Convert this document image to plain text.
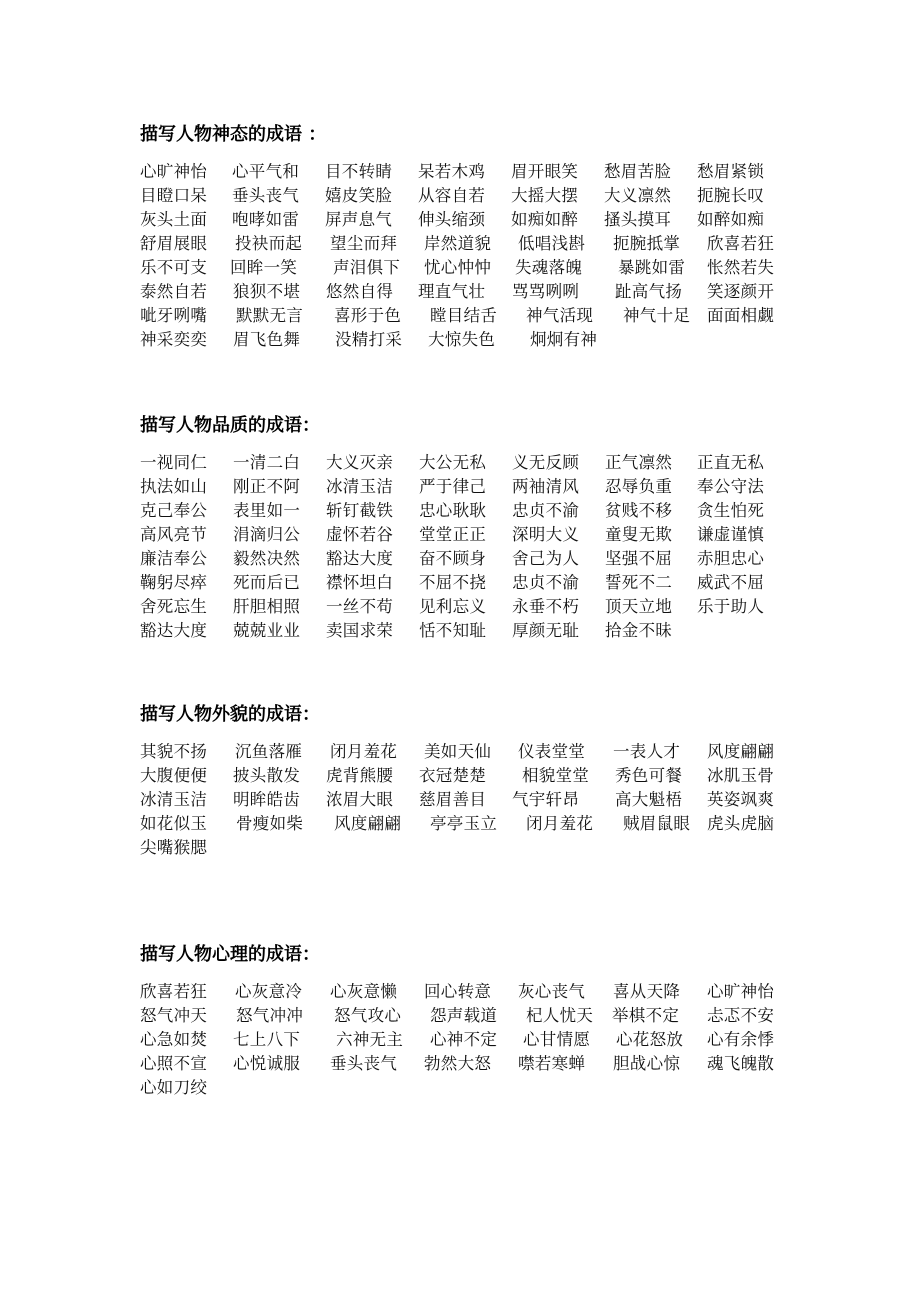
描写人物神态的成语 ：
心旷神怡 心平气和 目不转睛 呆若木鸡 眉开眼笑 愁眉苦脸 愁眉紧锁
目瞪口呆 垂头丧气 嬉皮笑脸 从容自若 大摇大摆 大义凛然 扼腕长叹
灰头土面 咆哮如雷 屏声息气 伸头缩颈 如痴如醉 搔头摸耳 如醉如痴
舒眉展眼 投袂而起 望尘而拜 岸然道貌 低唱浅斟 扼腕抵掌 欣喜若狂
乐不可支 回眸一笑 声泪俱下 忧心忡忡 失魂落魄 暴跳如雷 怅然若失
泰然自若 狼狈不堪 悠然自得 理直气壮 骂骂咧咧 趾高气扬 笑逐颜开
呲牙咧嘴 默默无言 喜形于色 瞠目结舌 神气活现 神气十足 面面相觑
神采奕奕 眉飞色舞 没精打采 大惊失色 炯炯有神
描写人物品质的成语：
一视同仁 一清二白 大义灭亲 大公无私 义无反顾 正气凛然 正直无私
执法如山 刚正不阿 冰清玉洁 严于律己 两袖清风 忍辱负重 奉公守法
克己奉公 表里如一 斩钉截铁 忠心耿耿 忠贞不渝 贫贱不移 贪生怕死
高风亮节 涓滴归公 虚怀若谷 堂堂正正 深明大义 童叟无欺 谦虚谨慎
廉洁奉公 毅然决然 豁达大度 奋不顾身 舍己为人 坚强不屈 赤胆忠心
鞠躬尽瘁 死而后已 襟怀坦白 不屈不挠 忠贞不渝 誓死不二 威武不屈
舍死忘生 肝胆相照 一丝不苟 见利忘义 永垂不朽 顶天立地 乐于助人
豁达大度 兢兢业业 卖国求荣 恬不知耻 厚颜无耻 拾金不昧
描写人物外貌的成语：
其貌不扬 沉鱼落雁 闭月羞花 美如天仙 仪表堂堂 一表人才 风度翩翩
大腹便便 披头散发 虎背熊腰 衣冠楚楚 相貌堂堂 秀色可餐 冰肌玉骨
冰清玉洁 明眸皓齿 浓眉大眼 慈眉善目 气宇轩昂 高大魁梧 英姿飒爽
如花似玉 骨瘦如柴 风度翩翩 亭亭玉立 闭月羞花 贼眉鼠眼 虎头虎脑
尖嘴猴腮
描写人物心理的成语：
欣喜若狂 心灰意冷 心灰意懒 回心转意 灰心丧气 喜从天降 心旷神怡
怒气冲天 怒气冲冲 怒气攻心 怨声载道 杞人忧天 举棋不定 忐忑不安
心急如焚 七上八下 六神无主 心神不定 心甘情愿 心花怒放 心有余悸
心照不宣 心悦诚服 垂头丧气 勃然大怒 噤若寒蝉 胆战心惊 魂飞魄散
心如刀绞
